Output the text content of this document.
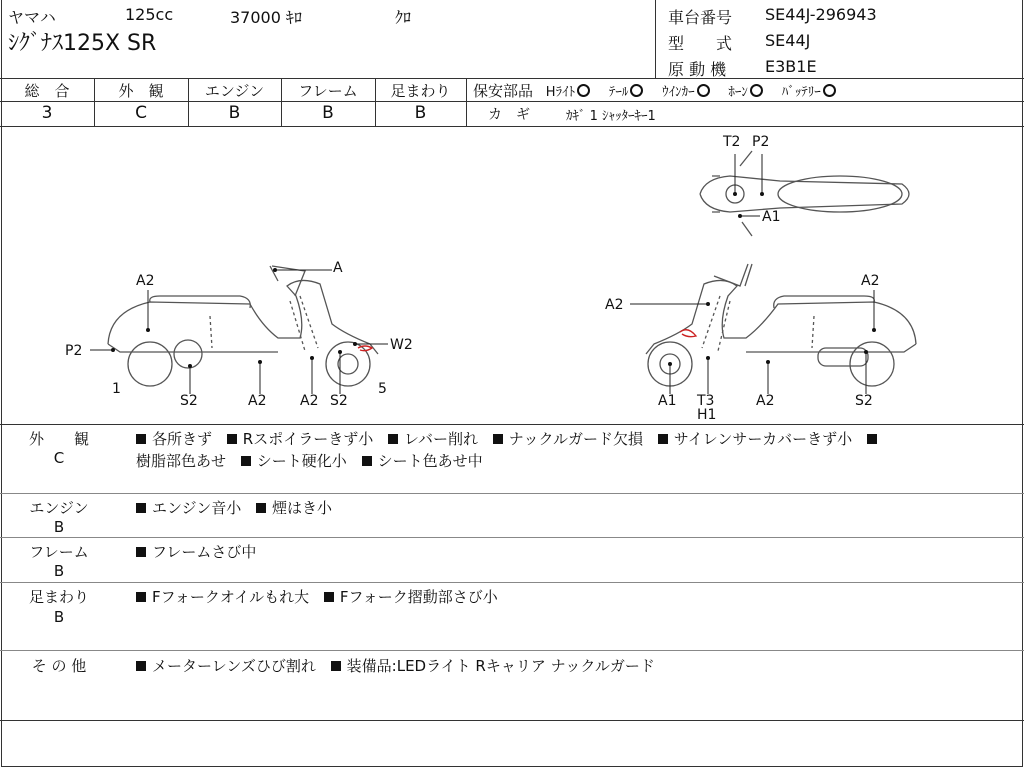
ヤマハ	125cc	37000 ｷﾛ	ｸﾛ
ｼｸﾞﾅｽ125X SR
車台番号 SE44J-296943
型　　式 SE44J
原 動 機 E3B1E
総　合	外　観	エンジン	フレーム	足まわり
3	C	B	B	B
保安部品 Hﾗｲﾄ	ﾃｰﾙ	ｳｲﾝｶｰ	ﾎｰﾝ	ﾊﾞｯﾃﾘｰ
カ　ギ	ｶｷﾞ 1 ｼｬｯﾀｰｷｰ1
A
A2
P2
1
W2
5
S2	A2 A2 S2
A2
A2
A1 T3
H1
A2	S2
T2 P2
A1
外　　観
C
各所きず Rスポイラーきず小 レバー削れ ナックルガード欠損 サイレンサーカバーきず小
樹脂部色あせ シート硬化小 シート色あせ中
エンジン
B
エンジン音小 煙はき小
フレーム
B
フレームさび中
足まわり
B
Fフォークオイルもれ大 Fフォーク摺動部さび小
そ の 他	メーターレンズひび割れ 装備品:LEDライト Rキャリア ナックルガード
